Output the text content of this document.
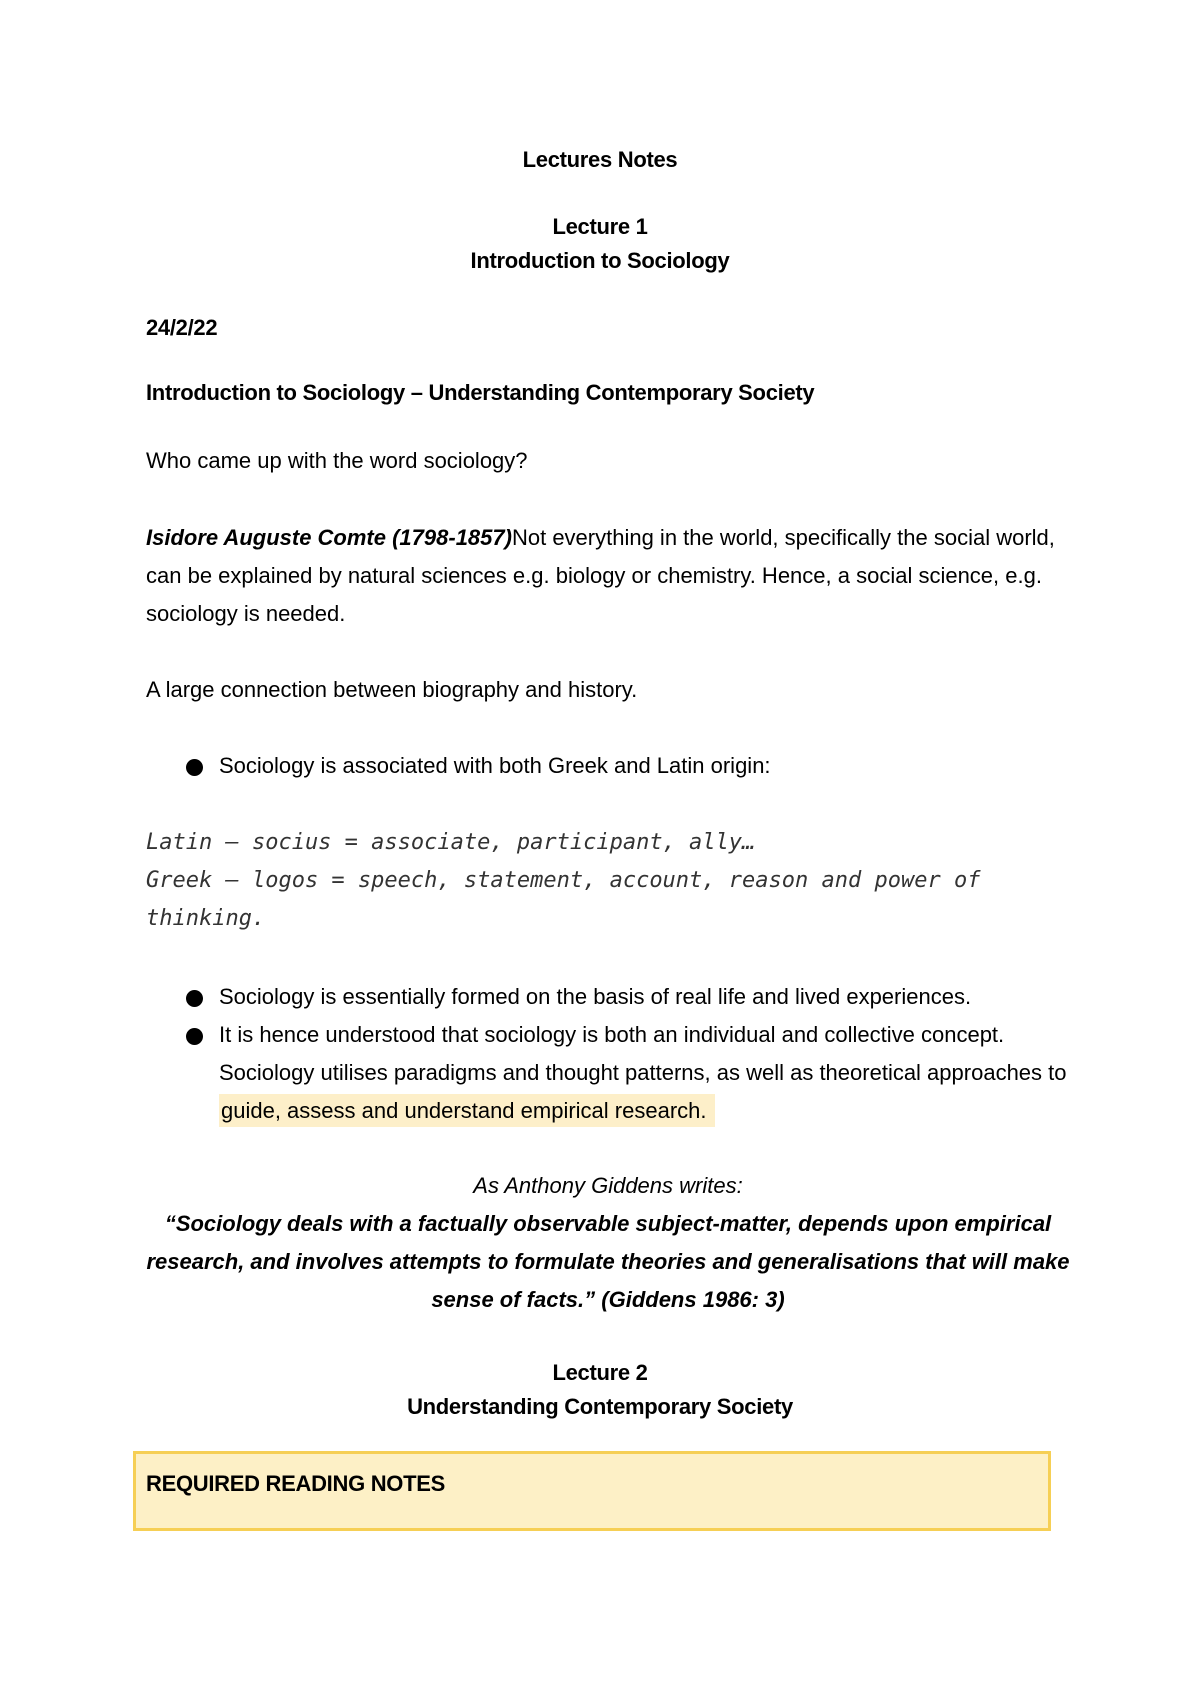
Lectures Notes
Lecture 1
Introduction to Sociology
24/2/22
Introduction to Sociology – Understanding Contemporary Society
Who came up with the word sociology?

Isidore Auguste Comte (1798-1857)Not everything in the world, specifically the social world, can be explained by natural sciences e.g. biology or chemistry. Hence, a social science, e.g. sociology is needed.

A large connection between biography and history.

Sociology is associated with both Greek and Latin origin:
Latin – socius = associate, participant, ally…
Greek – logos = speech, statement, account, reason and power of thinking.
Sociology is essentially formed on the basis of real life and lived experiences.
It is hence understood that sociology is both an individual and collective concept. Sociology utilises paradigms and thought patterns, as well as theoretical approaches to guide, assess and understand empirical research.
As Anthony Giddens writes:
“Sociology deals with a factually observable subject-matter, depends upon empirical research, and involves attempts to formulate theories and generalisations that will make sense of facts.” (Giddens 1986: 3)
Lecture 2
Understanding Contemporary Society
REQUIRED READING NOTES
